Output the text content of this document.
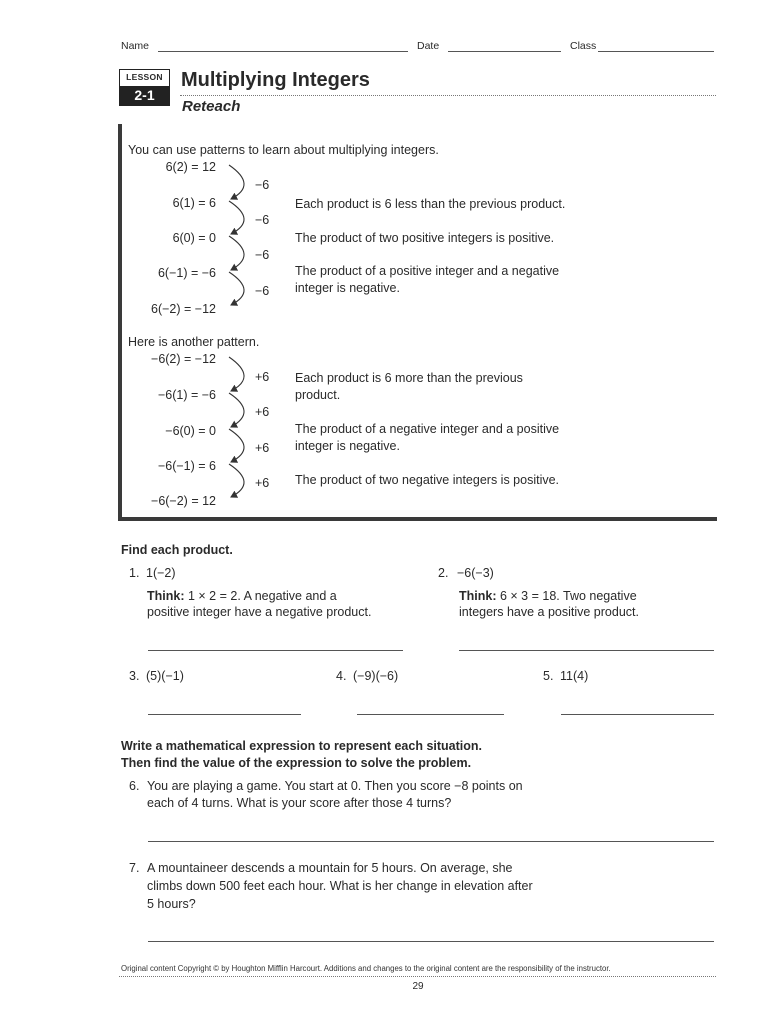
Name	Date	Class
LESSON
2-1
Multiplying Integers
Reteach
You can use patterns to learn about multiplying integers.
6(2) = 12
6(1) = 6
6(0) = 0
6(−1) = −6
6(−2) = −12
−6
−6
−6
−6
Each product is 6 less than the previous product.
The product of two positive integers is positive.
The product of a positive integer and a negative
integer is negative.
Here is another pattern.
−6(2) = −12
−6(1) = −6
−6(0) = 0
−6(−1) = 6
−6(−2) = 12
+6
+6
+6
+6
Each product is 6 more than the previous
product.
The product of a negative integer and a positive
integer is negative.
The product of two negative integers is positive.
Find each product.
1. 1(−2)
Think: 1 × 2 = 2. A negative and a
positive integer have a negative product.
2. −6(−3)
Think: 6 × 3 = 18. Two negative
integers have a positive product.
3. (5)(−1)	4. (−9)(−6)	5. 11(4)
Write a mathematical expression to represent each situation.
Then find the value of the expression to solve the problem.
6. You are playing a game. You start at 0. Then you score −8 points on
each of 4 turns. What is your score after those 4 turns?
7. A mountaineer descends a mountain for 5 hours. On average, she
climbs down 500 feet each hour. What is her change in elevation after
5 hours?
Original content Copyright © by Houghton Mifflin Harcourt. Additions and changes to the original content are the responsibility of the instructor.
29
